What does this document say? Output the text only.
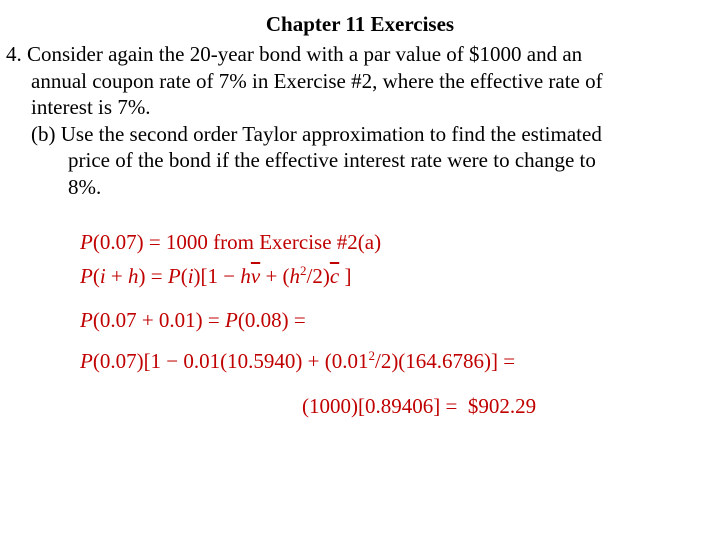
Chapter 11 Exercises
4. Consider again the 20-year bond with a par value of $1000 and an
annual coupon rate of 7% in Exercise #2, where the effective rate of
interest is 7%.
(b) Use the second order Taylor approximation to find the estimated
price of the bond if the effective interest rate were to change to
8%.
P(0.07) = 1000 from Exercise #2(a)
$P(i + h) = P(i)[1 - h\overline{v} + (h^2/2)\overline{c}$ ]
P(0.07 + 0.01) = P(0.08) =
$P(0.07)[1 - 0.01(10.5940) + (0.01^2/2)(164.6786)]$ =
(1000)[0.89406] =  $902.29
